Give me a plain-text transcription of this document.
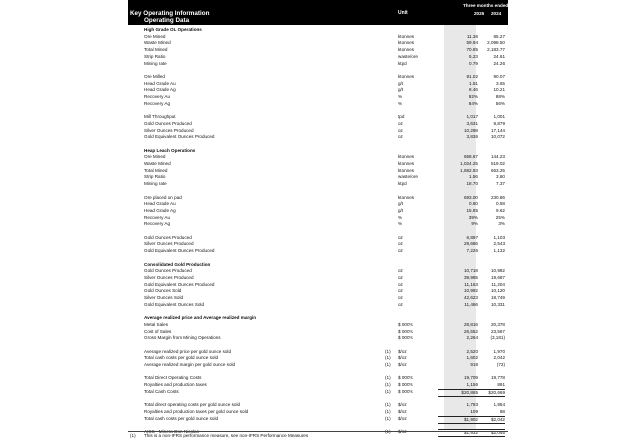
Key Operating Information
Operating Data
Unit
Three months ended March
2025 2024
High Grade OL Operations
Ore Mined	ktonnes	11.36	85.27
Waste Mined	ktonnes	59.94	2,098.50
Total Mined	ktonnes	70.85	2,183.77
Strip Ratio	waste/ore	5.23	24.61
Mining rate	ktpd	0.79	24.26
Ore Milled	ktonnes	91.02	90.07
Head Grade Au	g/t	1.51	3.65
Head Grade Ag	g/t	8.46	10.21
Recovery Au	%	92%	88%
Recovery Ag	%	84%	56%
Mill Throughput	tpd	1,017	1,001
Gold Ounces Produced	oz	3,631	9,879
Silver Ounces Produced	oz	10,298	17,144
Gold Equivalent Ounces Produced	oz	3,836	10,072
Heap Leach Operations
Ore Mined	ktonnes	658.67	144.23
Waste Mined	ktonnes	1,024.25	519.02
Total Mined	ktonnes	1,682.93	663.25
Strip Ratio	waste/ore	1.56	3.60
Mining rate	ktpd	18.70	7.37
Ore placed on pad	ktonnes	693.00	230.86
Head Grade Au	g/t	0.80	0.58
Head Grade Ag	g/t	15.85	9.62
Recovery Au	%	39%	25%
Recovery Ag	%	9%	3%
Gold Ounces Produced	oz	6,897	1,103
Silver Ounces Produced	oz	29,686	2,543
Gold Equivalent Ounces Produced	oz	7,226	1,132
Consolidated Gold Production
Gold Ounces Produced	oz	10,718	10,982
Silver Ounces Produced	oz	39,985	19,687
Gold Equivalent Ounces Produced	oz	11,163	11,204
Gold Ounces Sold	oz	10,992	10,120
Silver Ounces Sold	oz	42,623	18,749
Gold Equivalent Ounces Sold	oz	11,466	10,331
Average realized price and Average realized margin
Metal Sales	$ 000's	28,816	20,378
Cost of Sales	$ 000's	26,552	23,567
Gross Margin from Mining Operations	$ 000's	2,264	(3,181)
Average realized price per gold ounce sold	(1) $/oz	2,520	1,970
Total cash costs per gold ounce sold	(1) $/oz	1,602	2,042
Average realized margin per gold ounce sold	(1) $/oz	918	(72)
Total Direct Operating Costs	(1) $ 000's	19,709	19,778
Royalties and production taxes	(1) $ 000's	1,156	891
Total Cash Costs	(1) $ 000's	$20,865	$20,669
Total direct operating costs per gold ounce sold	(1) $/oz	1,793	1,954
Royalties and production taxes per gold ounce sold	(1) $/oz	109	88
Total cash costs per gold ounce sold	(1) $/oz	$1,902	$2,042
AISC - Minera Don Nicolas	(1) $/oz	$1,932	$2,045
(1) This is a non-IFRS performance measure, see non-IFRS Performance Measures
